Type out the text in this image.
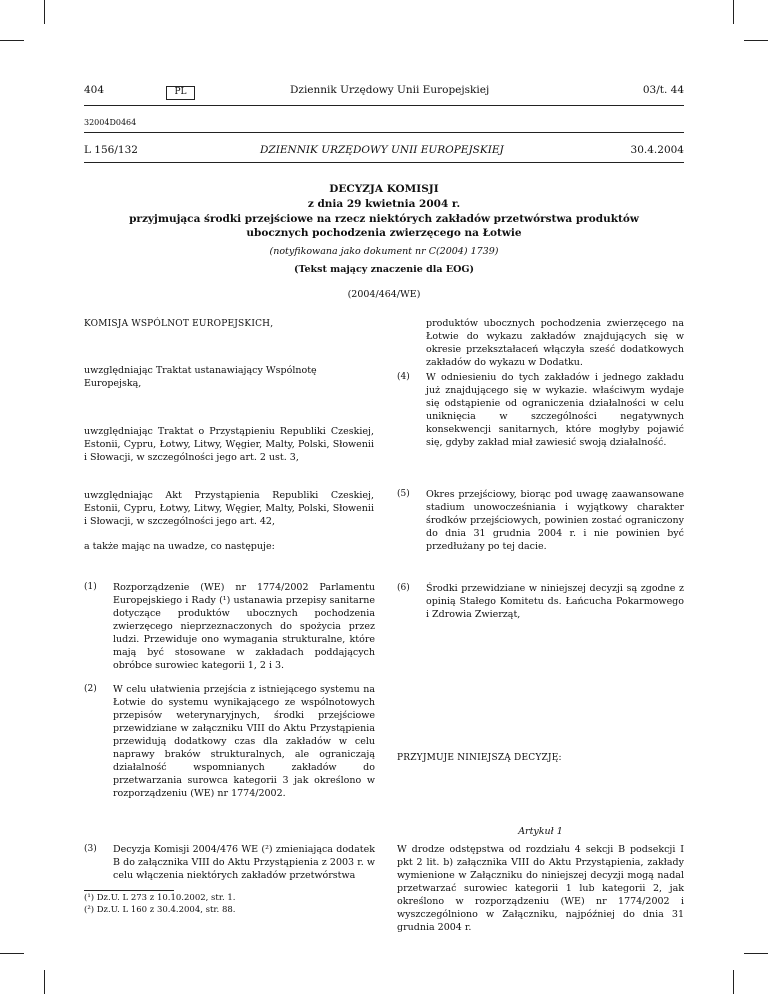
404	PL	Dziennik Urzędowy Unii Europejskiej	03/t. 44
32004D0464
L 156/132	DZIENNIK URZĘDOWY UNII EUROPEJSKIEJ	30.4.2004
DECYZJA KOMISJI
z dnia 29 kwietnia 2004 r.
przyjmująca środki przejściowe na rzecz niektórych zakładów przetwórstwa produktów
ubocznych pochodzenia zwierzęcego na Łotwie
(notyfikowana jako dokument nr C(2004) 1739)
(Tekst mający znaczenie dla EOG)
(2004/464/WE)
KOMISJA WSPÓLNOT EUROPEJSKICH,
uwzględniając Traktat ustanawiający Wspólnotę Europejską,
uwzględniając Traktat o Przystąpieniu Republiki Czeskiej, Estonii, Cypru, Łotwy, Litwy, Węgier, Malty, Polski, Słowenii i Słowacji, w szczególności jego art. 2 ust. 3,
uwzględniając Akt Przystąpienia Republiki Czeskiej, Estonii, Cypru, Łotwy, Litwy, Węgier, Malty, Polski, Słowenii i Słowacji, w szczególności jego art. 42,
a także mając na uwadze, co następuje:
(1) Rozporządzenie (WE) nr 1774/2002 Parlamentu Europejskiego i Rady (¹) ustanawia przepisy sanitarne dotyczące produktów ubocznych pochodzenia zwierzęcego nieprzeznaczonych do spożycia przez ludzi. Przewiduje ono wymagania strukturalne, które mają być stosowane w zakładach poddających obróbce surowiec kategorii 1, 2 i 3.
(2) W celu ułatwienia przejścia z istniejącego systemu na Łotwie do systemu wynikającego ze wspólnotowych przepisów weterynaryjnych, środki przejściowe przewidziane w załączniku VIII do Aktu Przystąpienia przewidują dodatkowy czas dla zakładów w celu naprawy braków strukturalnych, ale ograniczają działalność wspomnianych zakładów do przetwarzania surowca kategorii 3 jak określono w rozporządzeniu (WE) nr 1774/2002.
(3) Decyzja Komisji 2004/476 WE (²) zmieniająca dodatek B do załącznika VIII do Aktu Przystąpienia z 2003 r. w celu włączenia niektórych zakładów przetwórstwa
(¹) Dz.U. L 273 z 10.10.2002, str. 1.
(²) Dz.U. L 160 z 30.4.2004, str. 88.
produktów ubocznych pochodzenia zwierzęcego na Łotwie do wykazu zakładów znajdujących się w okresie przekształaceń włączyła sześć dodatkowych zakładów do wykazu w Dodatku.
(4) W odniesieniu do tych zakładów i jednego zakładu już znajdującego się w wykazie. właściwym wydaje się odstąpienie od ograniczenia działalności w celu uniknięcia w szczególności negatywnych konsekwencji sanitarnych, które mogłyby pojawić się, gdyby zakład miał zawiesić swoją działalność.
(5) Okres przejściowy, biorąc pod uwagę zaawansowane stadium unowocześniania i wyjątkowy charakter środków przejściowych, powinien zostać ograniczony do dnia 31 grudnia 2004 r. i nie powinien być przedłużany po tej dacie.
(6) Środki przewidziane w niniejszej decyzji są zgodne z opinią Stałego Komitetu ds. Łańcucha Pokarmowego i Zdrowia Zwierząt,
PRZYJMUJE NINIEJSZĄ DECYZJĘ:
Artykuł 1
W drodze odstępstwa od rozdziału 4 sekcji B podsekcji I pkt 2 lit. b) załącznika VIII do Aktu Przystąpienia, zakłady wymienione w Załączniku do niniejszej decyzji mogą nadal przetwarzać surowiec kategorii 1 lub kategorii 2, jak określono w rozporządzeniu (WE) nr 1774/2002 i wyszczególniono w Załączniku, najpóźniej do dnia 31 grudnia 2004 r.
